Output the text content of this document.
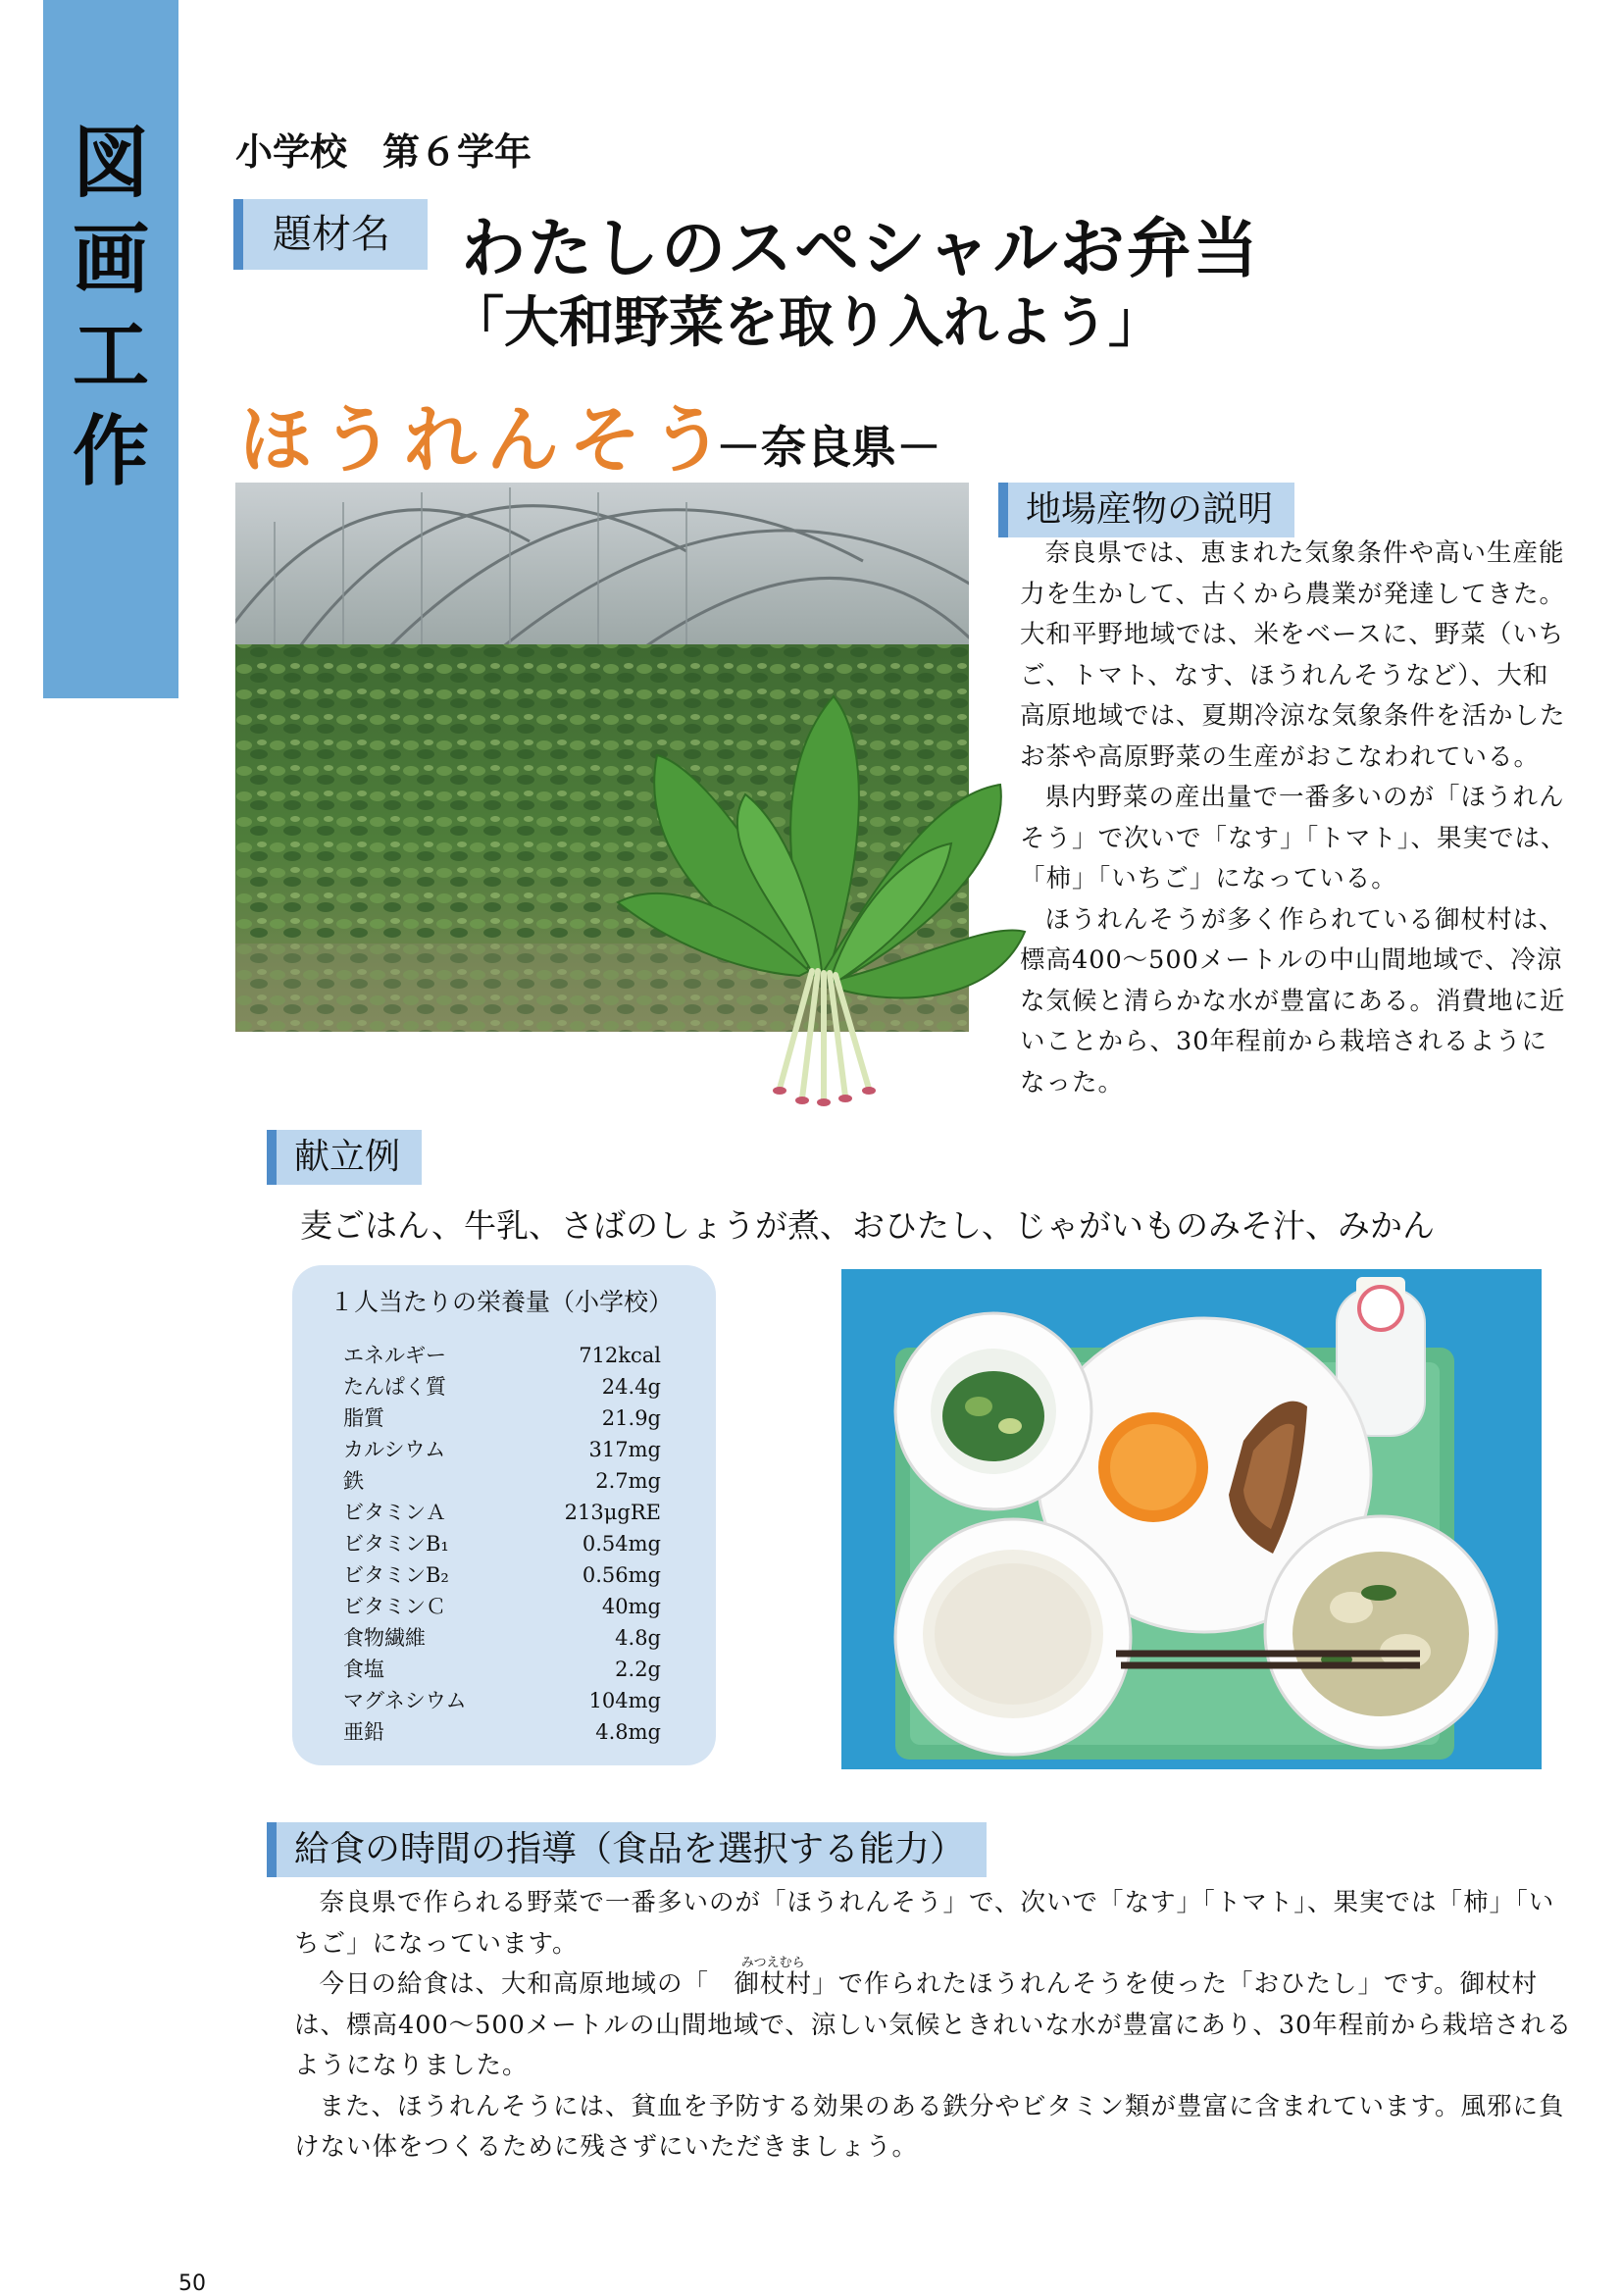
図
画
工
作
小学校 第６学年
題材名	わたしのスペシャルお弁当
「大和野菜を取り入れよう」
ほうれんそう
－奈良県－
地場産物の説明

奈良県では、恵まれた気象条件や高い生産能力を生かして、古くから農業が発達してきた。大和平野地域では、米をベースに、野菜（いちご、トマト、なす、ほうれんそうなど）、大和高原地域では、夏期冷涼な気象条件を活かしたお茶や高原野菜の生産がおこなわれている。

県内野菜の産出量で一番多いのが「ほうれんそう」で次いで「なす」「トマト」、果実では、「柿」「いちご」になっている。

ほうれんそうが多く作られている御杖村は、標高400～500メートルの中山間地域で、冷涼な気候と清らかな水が豊富にある。消費地に近いことから、30年程前から栽培されるようになった。

献立例
麦ごはん、牛乳、さばのしょうが煮、おひたし、じゃがいものみそ汁、みかん
１人当たりの栄養量（小学校）
エネルギー	712kcal
たんぱく質	24.4g
脂質	21.9g
カルシウム	317mg
鉄	2.7mg
ビタミンＡ	213μgRE
ビタミンB₁	0.54mg
ビタミンB₂	0.56mg
ビタミンＣ	40mg
食物繊維	4.8g
食塩	2.2g
マグネシウム	104mg
亜鉛	4.8mg
給食の時間の指導（食品を選択する能力）

奈良県で作られる野菜で一番多いのが「ほうれんそう」で、次いで「なす」「トマト」、果実では「柿」「いちご」になっています。

今日の給食は、大和高原地域の「
みつえむら
御杖村」で作られたほうれんそうを使った「おひたし」です。御杖村は、標高400～500メートルの山間地域で、涼しい気候ときれいな水が豊富にあり、30年程前から栽培されるようになりました。

また、ほうれんそうには、貧血を予防する効果のある鉄分やビタミン類が豊富に含まれています。風邪に負けない体をつくるために残さずにいただきましょう。

50
